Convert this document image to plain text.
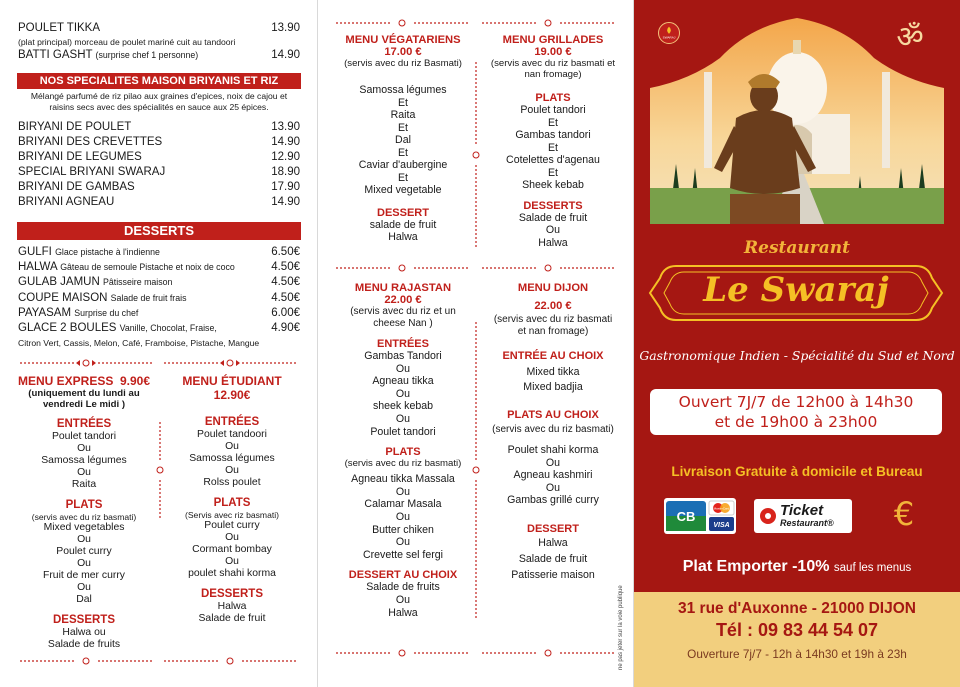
POULET TIKKA	13.90
(plat principal) morceau de poulet mariné cuit au tandoori
BATTI GASHT (surprise chef 1 personne)	14.90
NOS SPECIALITES MAISON BRIYANIS ET RIZ
Mélangé parfumé de riz pilao aux graines d'epices, noix de cajou et
raisins secs avec des spécialités en sauce aux 25 épices.
BIRYANI DE POULET	13.90
BRIYANI DES CREVETTES	14.90
BRIYANI DE LEGUMES	12.90
SPECIAL BRIYANI SWARAJ	18.90
BRIYANI DE GAMBAS	17.90
BRIYANI AGNEAU	14.90
DESSERTS
GULFI Glace pistache à l'indienne	6.50€
HALWA Gâteau de semoule Pistache et noix de coco	4.50€
GULAB JAMUN Pâtisseire maison	4.50€
COUPE MAISON Salade de fruit frais	4.50€
PAYASAM Surprise du chef	6.00€
GLACE 2 BOULES Vanille, Chocolat, Fraise,	4.90€
Citron Vert, Cassis, Melon, Café, Framboise, Pistache, Mangue
MENU EXPRESS 9.90€
(uniquement du lundi au
vendredi Le midi )
ENTRÉES
Poulet tandori
Ou
Samossa légumes
Ou
Raita
PLATS
(servis avec du riz basmati)
Mixed vegetables
Ou
Poulet curry
Ou
Fruit de mer curry
Ou
Dal
DESSERTS
Halwa ou
Salade de fruits
MENU ÉTUDIANT
12.90€
ENTRÉES
Poulet tandoori
Ou
Samossa légumes
Ou
Rolss poulet
PLATS
(Servis avec riz basmati)
Poulet curry
Ou
Cormant bombay
Ou
poulet shahi korma
DESSERTS
Halwa
Salade de fruit
MENU VÉGATARIENS
17.00 €
(servis avec du riz Basmati)
Samossa légumes
Et
Raita
Et
Dal
Et
Caviar d'aubergine
Et
Mixed vegetable
DESSERT
salade de fruit
Halwa
MENU GRILLADES
19.00 €
(servis avec du riz basmati et
nan fromage)
PLATS
Poulet tandori
Et
Gambas tandori
Et
Cotelettes d'agenau
Et
Sheek kebab
DESSERTS
Salade de fruit
Ou
Halwa
MENU RAJASTAN
22.00 €
(servis avec du riz et un
cheese Nan )
ENTRÉES
Gambas Tandori
Ou
Agneau tikka
Ou
sheek kebab
Ou
Poulet tandori
PLATS
(servis avec du riz basmati)
Agneau tikka Massala
Ou
Calamar Masala
Ou
Butter chiken
Ou
Crevette sel fergi
DESSERT AU CHOIX
Salade de fruits
Ou
Halwa
MENU DIJON
22.00 €
(servis avec du riz basmati
et nan fromage)
ENTRÉE AU CHOIX
Mixed tikka
Mixed badjia
PLATS AU CHOIX
(servis avec du riz basmati)
Poulet shahi korma
Ou
Agneau kashmiri
Ou
Gambas grillé curry
DESSERT
Halwa
Salade de fruit
Patisserie maison
ne pas jeter sur la voie publique
SWARAJ	ॐ
Restaurant
Le Swaraj
Gastronomique Indien - Spécialité du Sud et Nord
Ouvert 7J/7 de 12h00 à 14h30
et de 19h00 à 23h00
Livraison Gratuite à domicile et Bureau
CB
MasterCard
VISA
Ticket
Restaurant® €
Plat Emporter -10% sauf les menus
31 rue d'Auxonne - 21000 DIJON
Tél : 09 83 44 54 07
Ouverture 7j/7 - 12h à 14h30 et 19h à 23h
